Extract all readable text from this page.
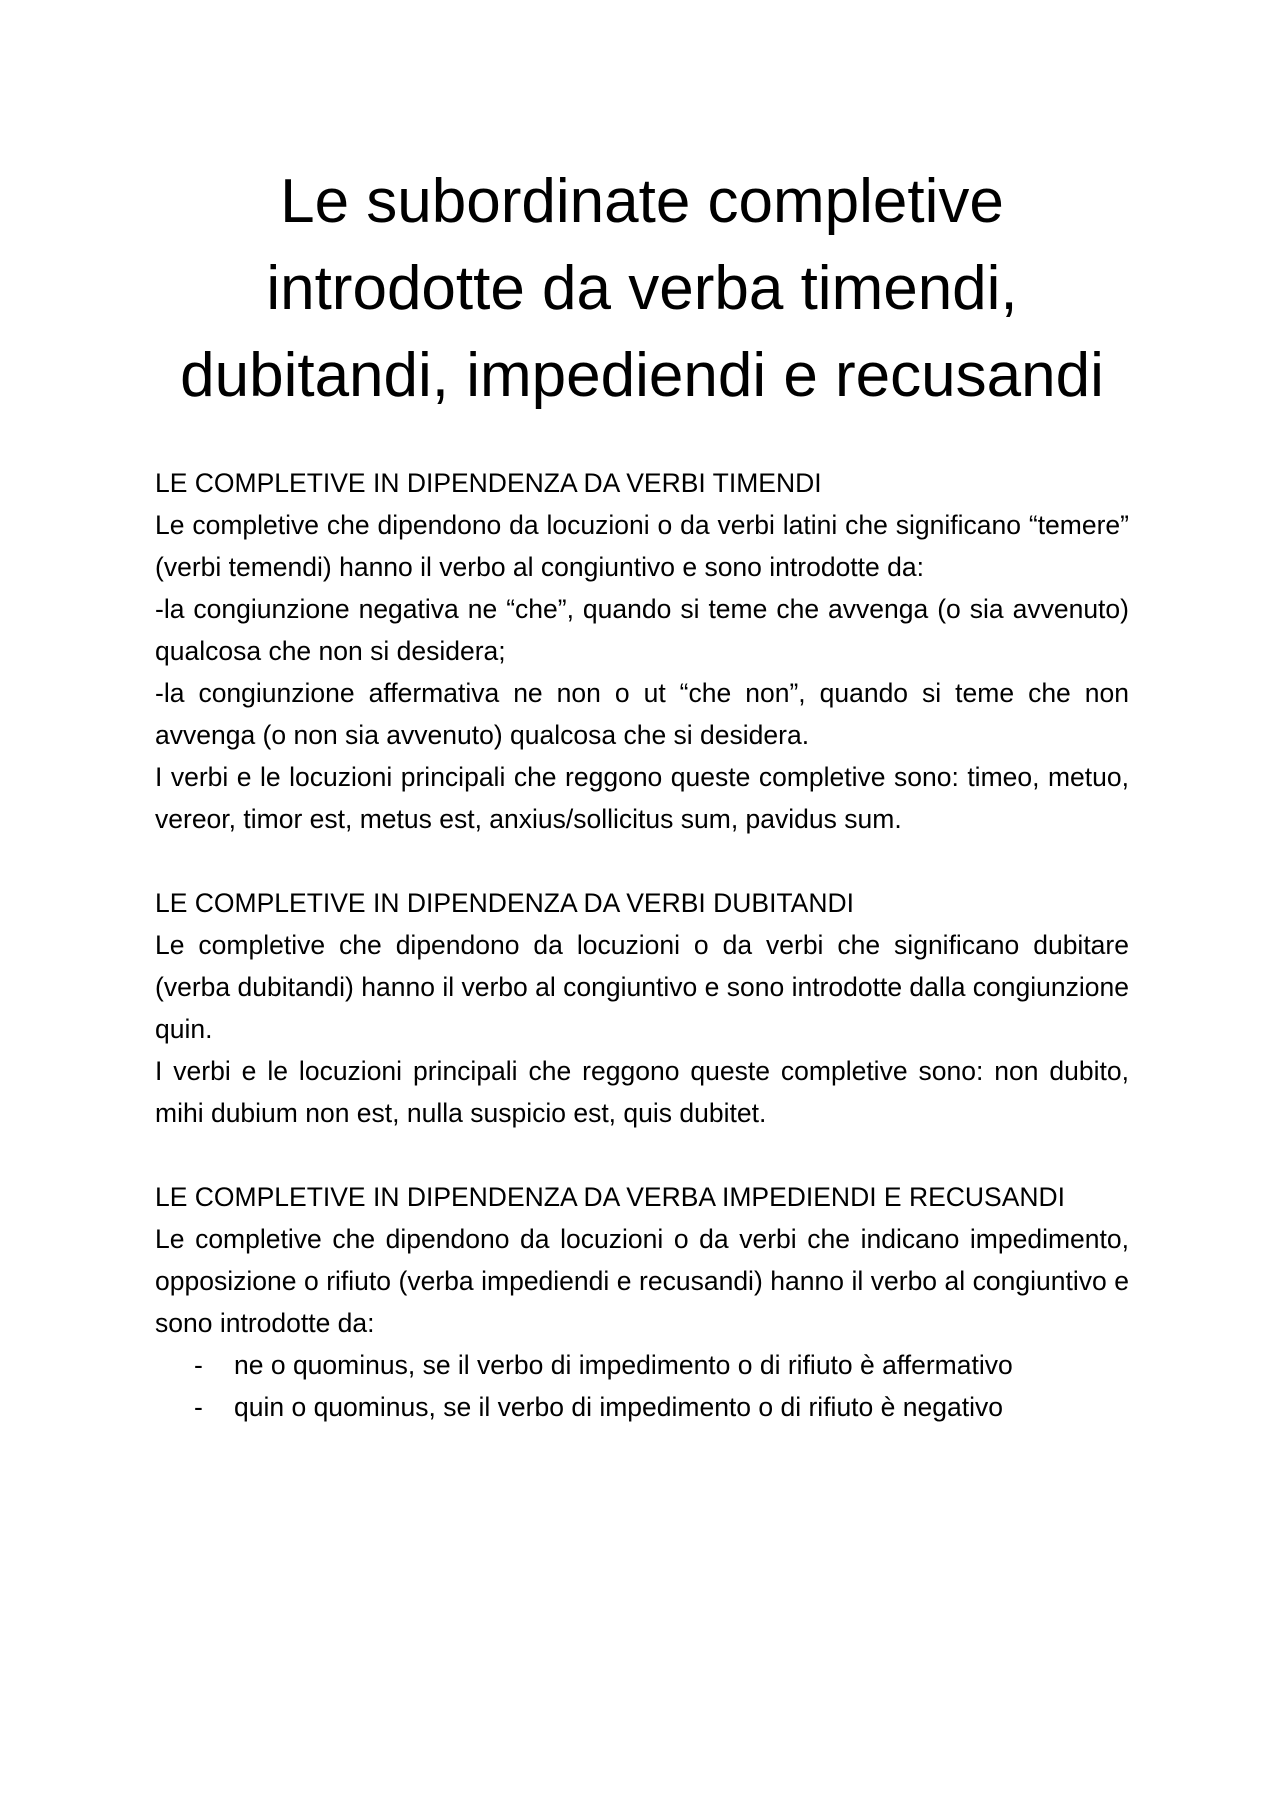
Le subordinate completive
introdotte da verba timendi,
dubitandi, impediendi e recusandi
LE COMPLETIVE IN DIPENDENZA DA VERBI TIMENDI

Le completive che dipendono da locuzioni o da verbi latini che significano “temere” (verbi temendi) hanno il verbo al congiuntivo e sono introdotte da:

-la congiunzione negativa ne “che”, quando si teme che avvenga (o sia avvenuto) qualcosa che non si desidera;

-la congiunzione affermativa ne non o ut “che non”, quando si teme che non avvenga (o non sia avvenuto) qualcosa che si desidera.

I verbi e le locuzioni principali che reggono queste completive sono: timeo, metuo, vereor, timor est, metus est, anxius/sollicitus sum, pavidus sum.

LE COMPLETIVE IN DIPENDENZA DA VERBI DUBITANDI

Le completive che dipendono da locuzioni o da verbi che significano dubitare (verba dubitandi) hanno il verbo al congiuntivo e sono introdotte dalla congiunzione quin.

I verbi e le locuzioni principali che reggono queste completive sono: non dubito, mihi dubium non est, nulla suspicio est, quis dubitet.

LE COMPLETIVE IN DIPENDENZA DA VERBA IMPEDIENDI E RECUSANDI

Le completive che dipendono da locuzioni o da verbi che indicano impedimento, opposizione o rifiuto (verba impediendi e recusandi) hanno il verbo al congiuntivo e sono introdotte da:

- ne o quominus, se il verbo di impedimento o di rifiuto è affermativo
- quin o quominus, se il verbo di impedimento o di rifiuto è negativo
